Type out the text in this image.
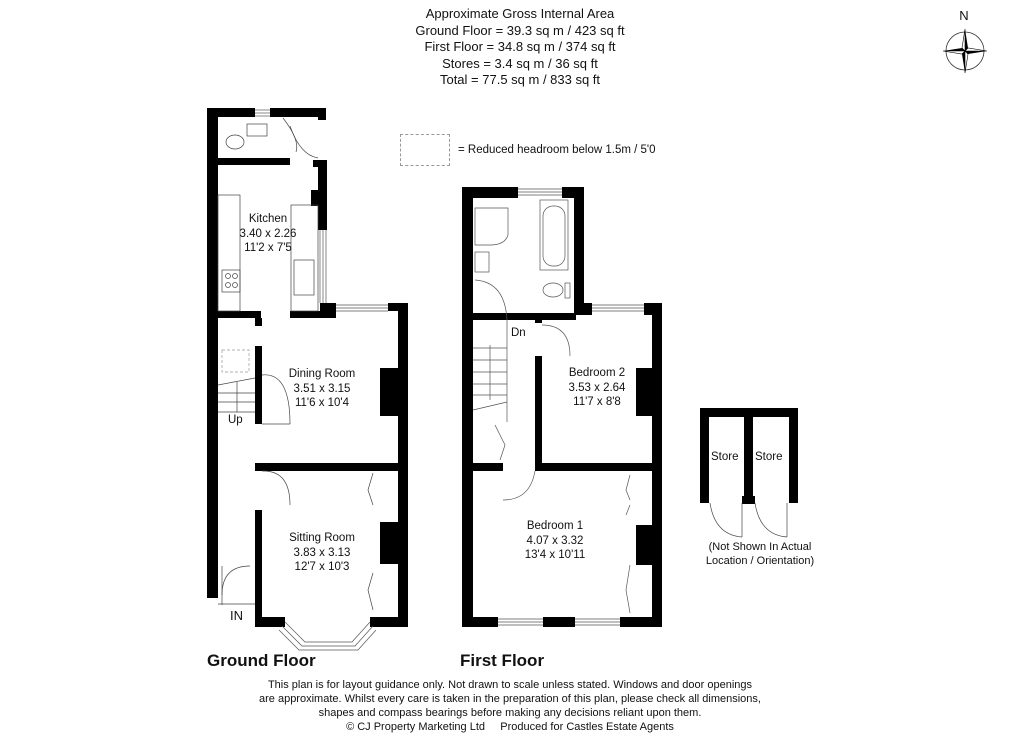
Approximate Gross Internal Area
Ground Floor = 39.3 sq m / 423 sq ft
First Floor = 34.8 sq m / 374 sq ft
Stores = 3.4 sq m / 36 sq ft
Total = 77.5 sq m / 833 sq ft
N
= Reduced headroom below 1.5m / 5'0
Kitchen
3.40 x 2.26
11'2 x 7'5
Dining Room
3.51 x 3.15
11'6 x 10'4
Sitting Room
3.83 x 3.13
12'7 x 10'3
Up
IN
Bedroom 2
3.53 x 2.64
11'7 x 8'8
Bedroom 1
4.07 x 3.32
13'4 x 10'11
Dn
Store Store
(Not Shown In Actual
Location / Orientation)
Ground Floor	First Floor
This plan is for layout guidance only. Not drawn to scale unless stated. Windows and door openings
are approximate. Whilst every care is taken in the preparation of this plan, please check all dimensions,
shapes and compass bearings before making any decisions reliant upon them.
© CJ Property Marketing Ltd     Produced for Castles Estate Agents
